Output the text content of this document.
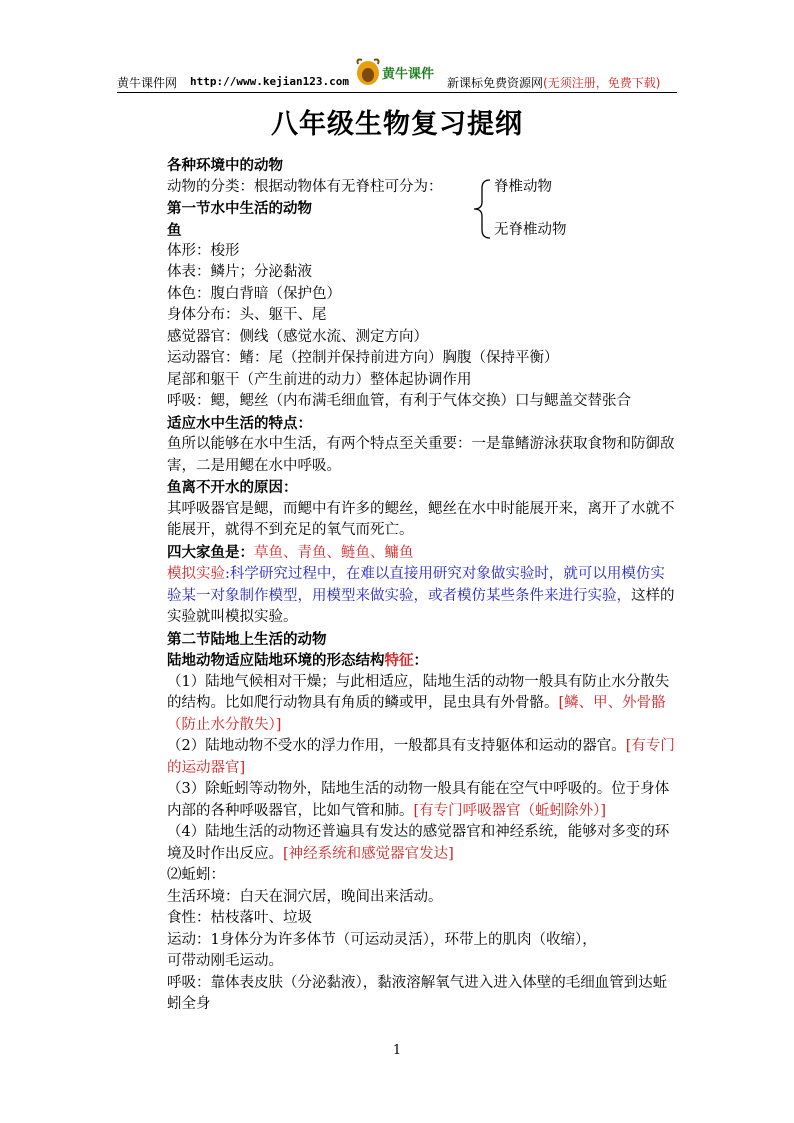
黄牛课件网 http://www.kejian123.com	黄牛课件
新课标免费资源网(无须注册，免费下载)
八年级生物复习提纲

各种环境中的动物

动物的分类：根据动物体有无脊柱可分为：

第一节水中生活的动物

鱼

脊椎动物
无脊椎动物

体形：梭形

体表：鳞片；分泌黏液

体色：腹白背暗（保护色）

身体分布：头、躯干、尾

感觉器官：侧线（感觉水流、测定方向）

运动器官：鳍：尾（控制并保持前进方向）胸腹（保持平衡）

尾部和躯干（产生前进的动力）整体起协调作用

呼吸：鳃，鳃丝（内布满毛细血管，有利于气体交换）口与鳃盖交替张合

适应水中生活的特点：

鱼所以能够在水中生活，有两个特点至关重要：一是靠鳍游泳获取食物和防御敌害，二是用鳃在水中呼吸。

鱼离不开水的原因：

其呼吸器官是鳃，而鳃中有许多的鳃丝，鳃丝在水中时能展开来，离开了水就不能展开，就得不到充足的氧气而死亡。

四大家鱼是：草鱼、青鱼、鲢鱼、鳙鱼

模拟实验:科学研究过程中，在难以直接用研究对象做实验时，就可以用模仿实验某一对象制作模型，用模型来做实验，或者模仿某些条件来进行实验，这样的实验就叫模拟实验。

第二节陆地上生活的动物

陆地动物适应陆地环境的形态结构特征：

（1）陆地气候相对干燥；与此相适应，陆地生活的动物一般具有防止水分散失的结构。比如爬行动物具有角质的鳞或甲，昆虫具有外骨骼。[鳞、甲、外骨骼（防止水分散失）]

（2）陆地动物不受水的浮力作用，一般都具有支持躯体和运动的器官。[有专门的运动器官]

（3）除蚯蚓等动物外，陆地生活的动物一般具有能在空气中呼吸的。位于身体内部的各种呼吸器官，比如气管和肺。[有专门呼吸器官（蚯蚓除外）]

（4）陆地生活的动物还普遍具有发达的感觉器官和神经系统，能够对多变的环境及时作出反应。[神经系统和感觉器官发达]

⑵蚯蚓：

生活环境：白天在洞穴居，晚间出来活动。

食性：枯枝落叶、垃圾

运动：1身体分为许多体节（可运动灵活），环带上的肌肉（收缩），

可带动刚毛运动。

呼吸：靠体表皮肤（分泌黏液），黏液溶解氧气进入进入体壁的毛细血管到达蚯蚓全身

1
